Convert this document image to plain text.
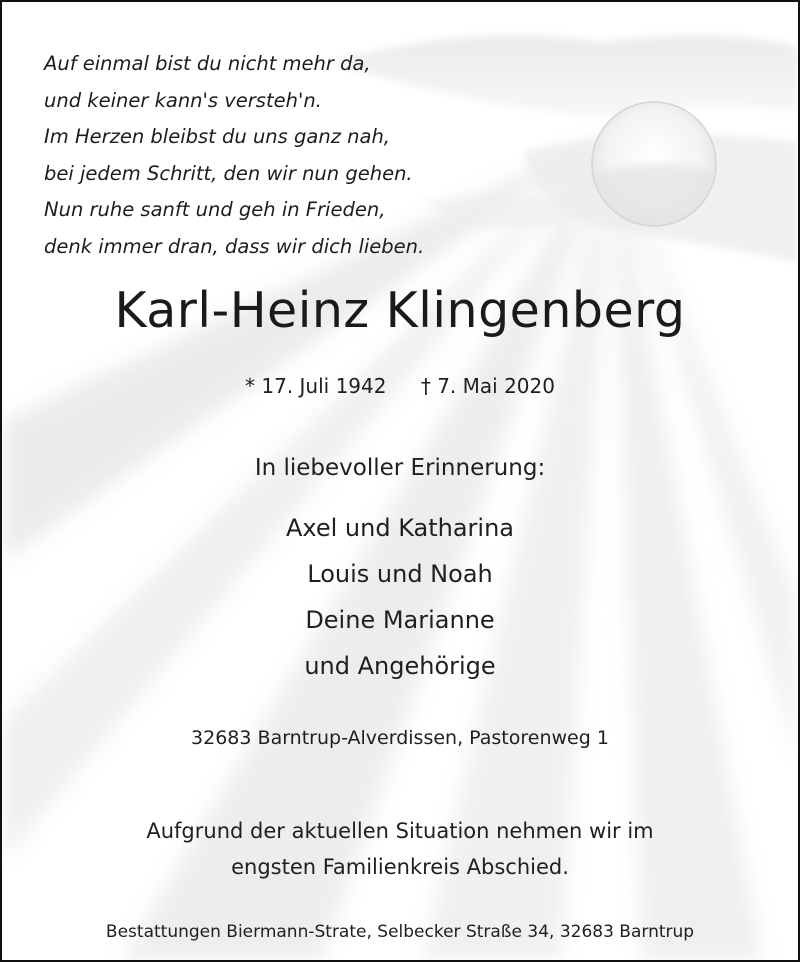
Auf einmal bist du nicht mehr da,
und keiner kann's versteh'n.
Im Herzen bleibst du uns ganz nah,
bei jedem Schritt, den wir nun gehen.
Nun ruhe sanft und geh in Frieden,
denk immer dran, dass wir dich lieben.
Karl-Heinz Klingenberg
* 17. Juli 1942 † 7. Mai 2020
In liebevoller Erinnerung:
Axel und Katharina
Louis und Noah
Deine Marianne
und Angehörige
32683 Barntrup-Alverdissen, Pastorenweg 1
Aufgrund der aktuellen Situation nehmen wir im
engsten Familienkreis Abschied.
Bestattungen Biermann-Strate, Selbecker Straße 34, 32683 Barntrup
